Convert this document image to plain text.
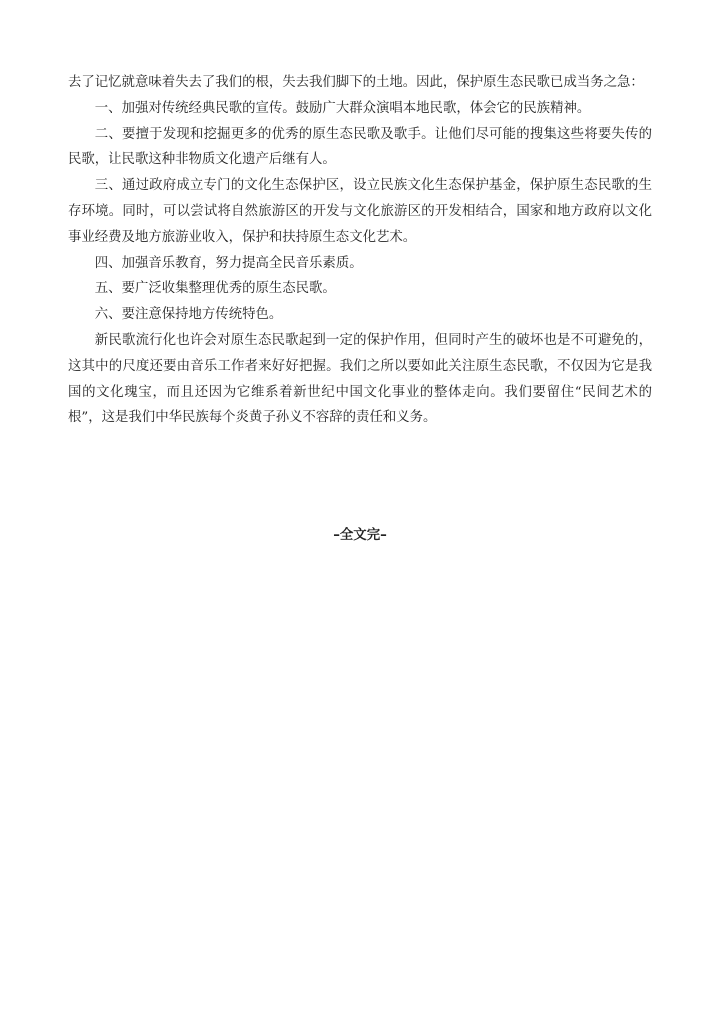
去了记忆就意味着失去了我们的根，失去我们脚下的土地。因此，保护原生态民歌已成当务之急：

一、加强对传统经典民歌的宣传。鼓励广大群众演唱本地民歌，体会它的民族精神。

二、要擅于发现和挖掘更多的优秀的原生态民歌及歌手。让他们尽可能的搜集这些将要失传的民歌，让民歌这种非物质文化遗产后继有人。

三、通过政府成立专门的文化生态保护区，设立民族文化生态保护基金，保护原生态民歌的生存环境。同时，可以尝试将自然旅游区的开发与文化旅游区的开发相结合，国家和地方政府以文化事业经费及地方旅游业收入，保护和扶持原生态文化艺术。

四、加强音乐教育，努力提高全民音乐素质。

五、要广泛收集整理优秀的原生态民歌。

六、要注意保持地方传统特色。

新民歌流行化也许会对原生态民歌起到一定的保护作用，但同时产生的破坏也是不可避免的，这其中的尺度还要由音乐工作者来好好把握。我们之所以要如此关注原生态民歌，不仅因为它是我国的文化瑰宝，而且还因为它维系着新世纪中国文化事业的整体走向。我们要留住“民间艺术的根”，这是我们中华民族每个炎黄子孙义不容辞的责任和义务。

–全文完–
